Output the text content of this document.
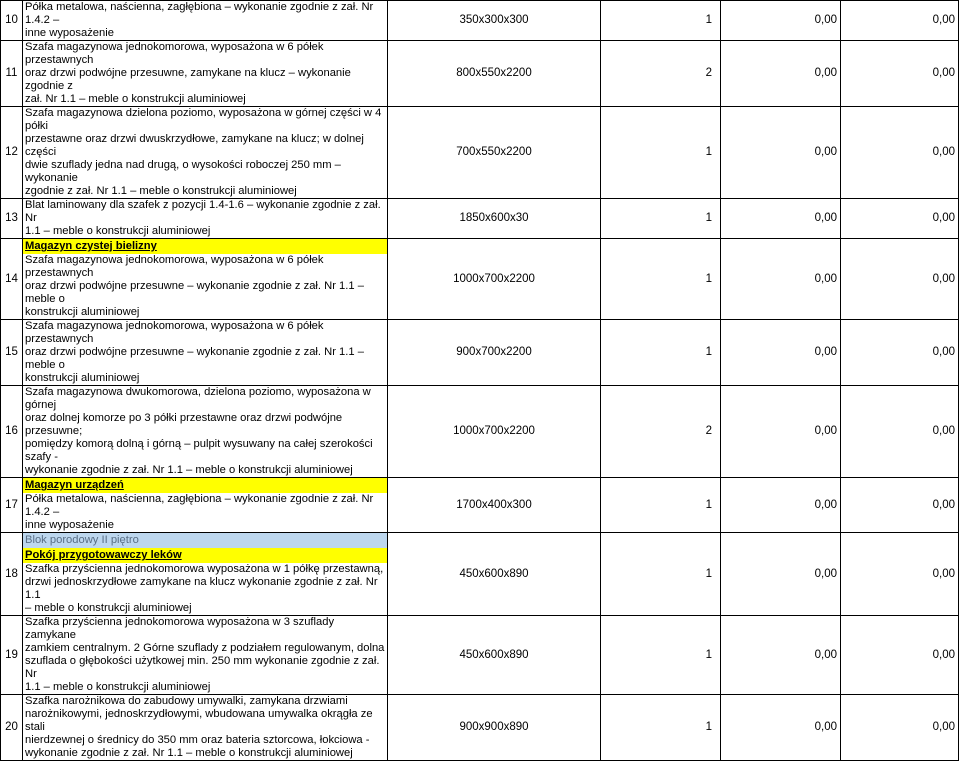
10	Półka metalowa, naścienna, zagłębiona – wykonanie zgodnie z zał. Nr 1.4.2 –
inne wyposażenie	350x300x300	1	0,00	0,00
11	Szafa magazynowa jednokomorowa, wyposażona w 6 półek przestawnych
oraz drzwi podwójne przesuwne, zamykane na klucz – wykonanie zgodnie z
zał. Nr 1.1 – meble o konstrukcji aluminiowej	800x550x2200	2	0,00	0,00
12	Szafa magazynowa dzielona poziomo, wyposażona w górnej części w 4 półki
przestawne oraz drzwi dwuskrzydłowe, zamykane na klucz; w dolnej części
dwie szuflady jedna nad drugą, o wysokości roboczej 250 mm – wykonanie
zgodnie z zał. Nr 1.1 – meble o konstrukcji aluminiowej	700x550x2200	1	0,00	0,00
13	Blat laminowany dla szafek z pozycji 1.4-1.6 – wykonanie zgodnie z zał. Nr
1.1 – meble o konstrukcji aluminiowej	1850x600x30	1	0,00	0,00
14	Magazyn czystej bielizny
Szafa magazynowa jednokomorowa, wyposażona w 6 półek przestawnych
oraz drzwi podwójne przesuwne – wykonanie zgodnie z zał. Nr 1.1 – meble o
konstrukcji aluminiowej	1000x700x2200	1	0,00	0,00
15	Szafa magazynowa jednokomorowa, wyposażona w 6 półek przestawnych
oraz drzwi podwójne przesuwne – wykonanie zgodnie z zał. Nr 1.1 – meble o
konstrukcji aluminiowej	900x700x2200	1	0,00	0,00
16	Szafa magazynowa dwukomorowa, dzielona poziomo, wyposażona w górnej
oraz dolnej komorze po 3 półki przestawne oraz drzwi podwójne przesuwne;
pomiędzy komorą dolną i górną – pulpit wysuwany na całej szerokości szafy -
wykonanie zgodnie z zał. Nr 1.1 – meble o konstrukcji aluminiowej	1000x700x2200	2	0,00	0,00
17	Magazyn urządzeń
Półka metalowa, naścienna, zagłębiona – wykonanie zgodnie z zał. Nr 1.4.2 –
inne wyposażenie	1700x400x300	1	0,00	0,00
18	Blok porodowy II piętro
Pokój przygotowawczy leków
Szafka przyścienna jednokomorowa wyposażona w 1 półkę przestawną,
drzwi jednoskrzydłowe zamykane na klucz wykonanie zgodnie z zał. Nr 1.1
– meble o konstrukcji aluminiowej	450x600x890	1	0,00	0,00
19	Szafka przyścienna jednokomorowa wyposażona w 3 szuflady zamykane
zamkiem centralnym. 2 Górne szuflady z podziałem regulowanym, dolna
szuflada o głębokości użytkowej min. 250 mm wykonanie zgodnie z zał. Nr
1.1 – meble o konstrukcji aluminiowej	450x600x890	1	0,00	0,00
20	Szafka narożnikowa do zabudowy umywalki, zamykana drzwiami
narożnikowymi, jednoskrzydłowymi, wbudowana umywalka okrągła ze stali
nierdzewnej o średnicy do 350 mm oraz bateria sztorcowa, łokciowa -
wykonanie zgodnie z zał. Nr 1.1 – meble o konstrukcji aluminiowej	900x900x890	1	0,00	0,00
